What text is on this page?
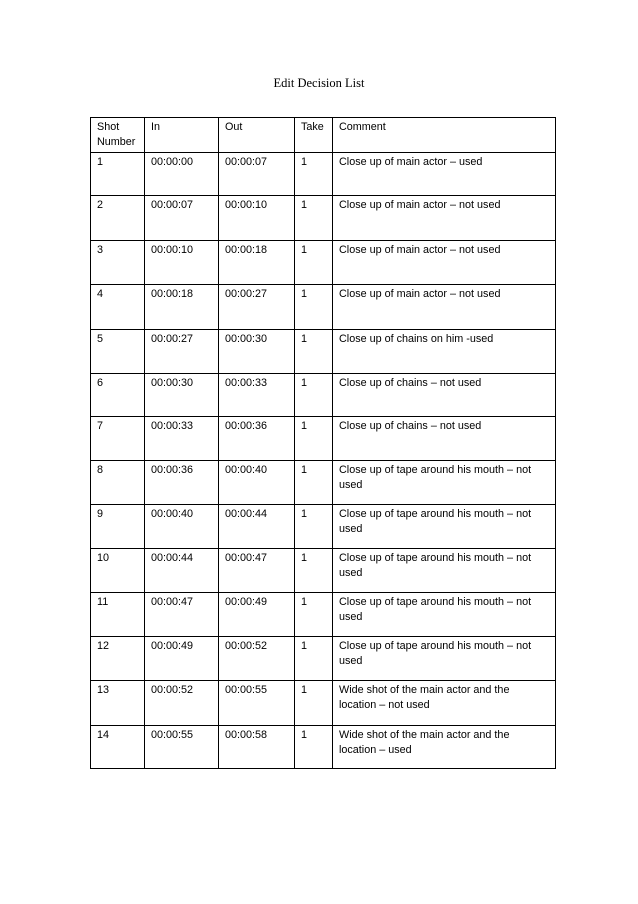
Edit Decision List
Shot
Number	In	Out	Take	Comment
1	00:00:00	00:00:07	1	Close up of main actor – used
2	00:00:07	00:00:10	1	Close up of main actor – not used
3	00:00:10	00:00:18	1	Close up of main actor – not used
4	00:00:18	00:00:27	1	Close up of main actor – not used
5	00:00:27	00:00:30	1	Close up of chains on him -used
6	00:00:30	00:00:33	1	Close up of chains – not used
7	00:00:33	00:00:36	1	Close up of chains – not used
8	00:00:36	00:00:40	1	Close up of tape around his mouth – not used
9	00:00:40	00:00:44	1	Close up of tape around his mouth – not used
10	00:00:44	00:00:47	1	Close up of tape around his mouth – not used
11	00:00:47	00:00:49	1	Close up of tape around his mouth – not used
12	00:00:49	00:00:52	1	Close up of tape around his mouth – not used
13	00:00:52	00:00:55	1	Wide shot of the main actor and the location – not used
14	00:00:55	00:00:58	1	Wide shot of the main actor and the location – used
